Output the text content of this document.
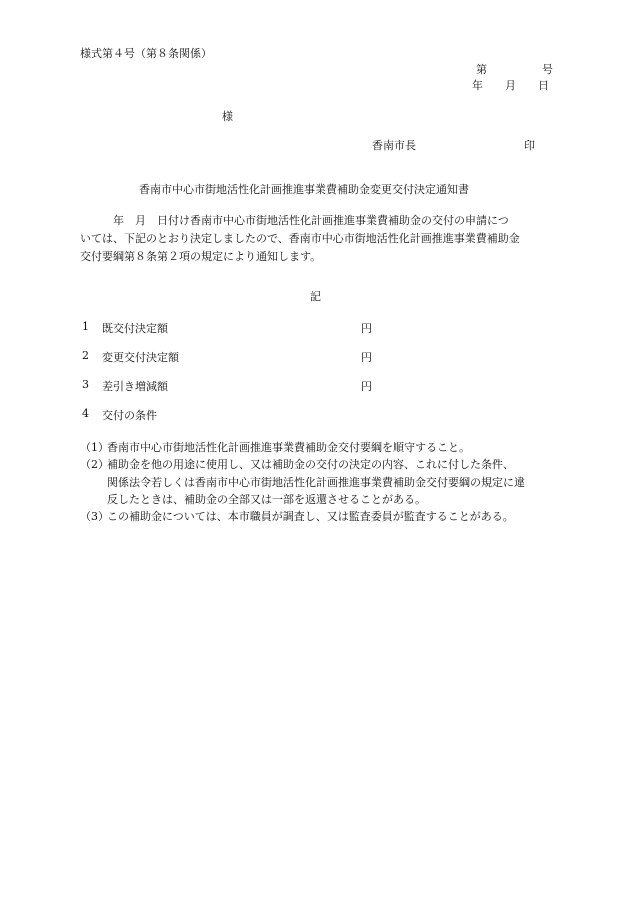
様式第４号（第８条関係）
第　　　　　号
年　　月　　日
様
香南市長	印
香南市中心市街地活性化計画推進事業費補助金変更交付決定通知書

　　　年　月　日付け香南市中心市街地活性化計画推進事業費補助金の交付の申請につ

いては、下記のとおり決定しましたので、香南市中心市街地活性化計画推進事業費補助金

交付要綱第８条第２項の規定により通知します。

記
1	既交付決定額	円
2	変更交付決定額	円
3	差引き増減額	円
4	交付の条件
（1）
香南市中心市街地活性化計画推進事業費補助金交付要綱を順守すること。
（2）
補助金を他の用途に使用し、又は補助金の交付の決定の内容、これに付した条件、
関係法令若しくは香南市中心市街地活性化計画推進事業費補助金交付要綱の規定に違
反したときは、補助金の全部又は一部を返還させることがある。
（3）
この補助金については、本市職員が調査し、又は監査委員が監査することがある。
